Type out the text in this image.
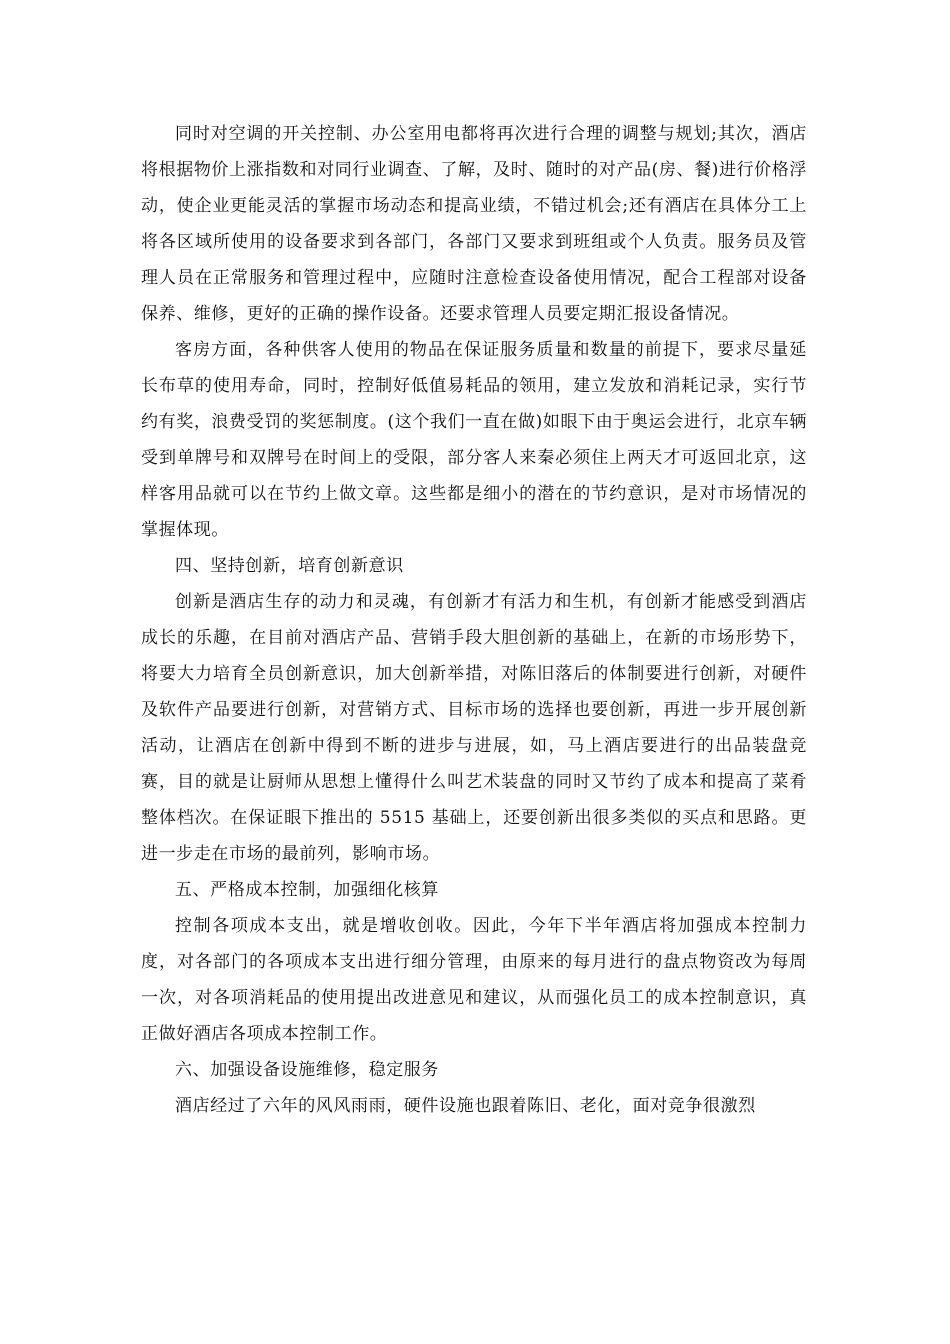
同时对空调的开关控制、办公室用电都将再次进行合理的调整与规划;其次，酒店将根据物价上涨指数和对同行业调查、了解，及时、随时的对产品(房、餐)进行价格浮动，使企业更能灵活的掌握市场动态和提高业绩，不错过机会;还有酒店在具体分工上将各区域所使用的设备要求到各部门，各部门又要求到班组或个人负责。服务员及管理人员在正常服务和管理过程中，应随时注意检查设备使用情况，配合工程部对设备保养、维修，更好的正确的操作设备。还要求管理人员要定期汇报设备情况。

客房方面，各种供客人使用的物品在保证服务质量和数量的前提下，要求尽量延长布草的使用寿命，同时，控制好低值易耗品的领用，建立发放和消耗记录，实行节约有奖，浪费受罚的奖惩制度。(这个我们一直在做)如眼下由于奥运会进行，北京车辆受到单牌号和双牌号在时间上的受限，部分客人来秦必须住上两天才可返回北京，这样客用品就可以在节约上做文章。这些都是细小的潜在的节约意识，是对市场情况的掌握体现。

四、坚持创新，培育创新意识

创新是酒店生存的动力和灵魂，有创新才有活力和生机，有创新才能感受到酒店成长的乐趣，在目前对酒店产品、营销手段大胆创新的基础上，在新的市场形势下，将要大力培育全员创新意识，加大创新举措，对陈旧落后的体制要进行创新，对硬件及软件产品要进行创新，对营销方式、目标市场的选择也要创新，再进一步开展创新活动，让酒店在创新中得到不断的进步与进展，如，马上酒店要进行的出品装盘竞赛，目的就是让厨师从思想上懂得什么叫艺术装盘的同时又节约了成本和提高了菜肴整体档次。在保证眼下推出的 5515 基础上，还要创新出很多类似的买点和思路。更进一步走在市场的最前列，影响市场。

五、严格成本控制，加强细化核算

控制各项成本支出，就是增收创收。因此，今年下半年酒店将加强成本控制力度，对各部门的各项成本支出进行细分管理，由原来的每月进行的盘点物资改为每周一次，对各项消耗品的使用提出改进意见和建议，从而强化员工的成本控制意识，真正做好酒店各项成本控制工作。

六、加强设备设施维修，稳定服务

酒店经过了六年的风风雨雨，硬件设施也跟着陈旧、老化，面对竞争很激烈
